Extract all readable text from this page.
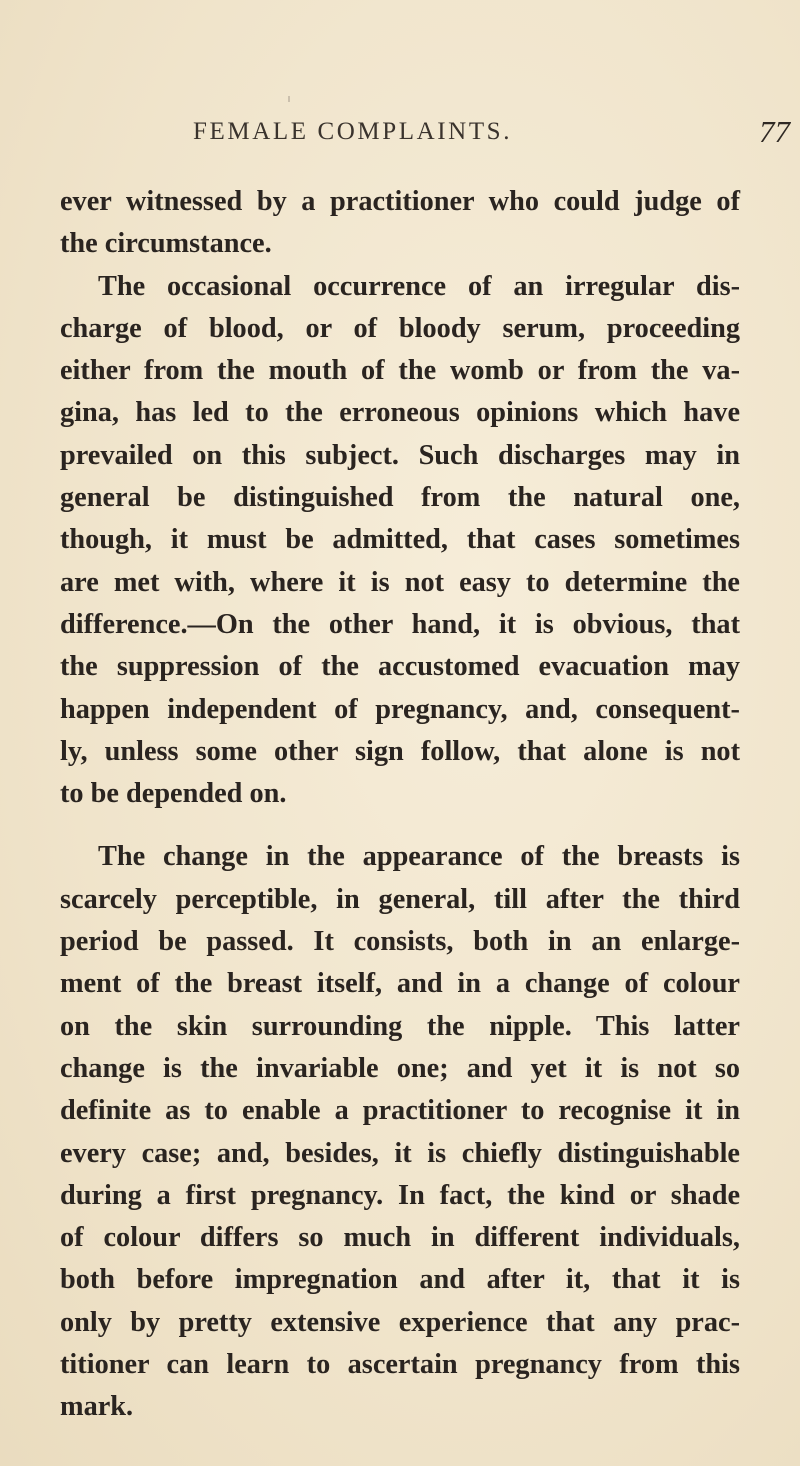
FEMALE COMPLAINTS.	77
ever witnessed by a practitioner who could judge of
the circumstance.
The occasional occurrence of an irregular dis-
charge of blood, or of bloody serum, proceeding
either from the mouth of the womb or from the va-
gina, has led to the erroneous opinions which have
prevailed on this subject. Such discharges may in
general be distinguished from the natural one,
though, it must be admitted, that cases sometimes
are met with, where it is not easy to determine the
difference.—On the other hand, it is obvious, that
the suppression of the accustomed evacuation may
happen independent of pregnancy, and, consequent-
ly, unless some other sign follow, that alone is not
to be depended on.
The change in the appearance of the breasts is
scarcely perceptible, in general, till after the third
period be passed. It consists, both in an enlarge-
ment of the breast itself, and in a change of colour
on the skin surrounding the nipple. This latter
change is the invariable one; and yet it is not so
definite as to enable a practitioner to recognise it in
every case; and, besides, it is chiefly distinguishable
during a first pregnancy. In fact, the kind or shade
of colour differs so much in different individuals,
both before impregnation and after it, that it is
only by pretty extensive experience that any prac-
titioner can learn to ascertain pregnancy from this
mark.
